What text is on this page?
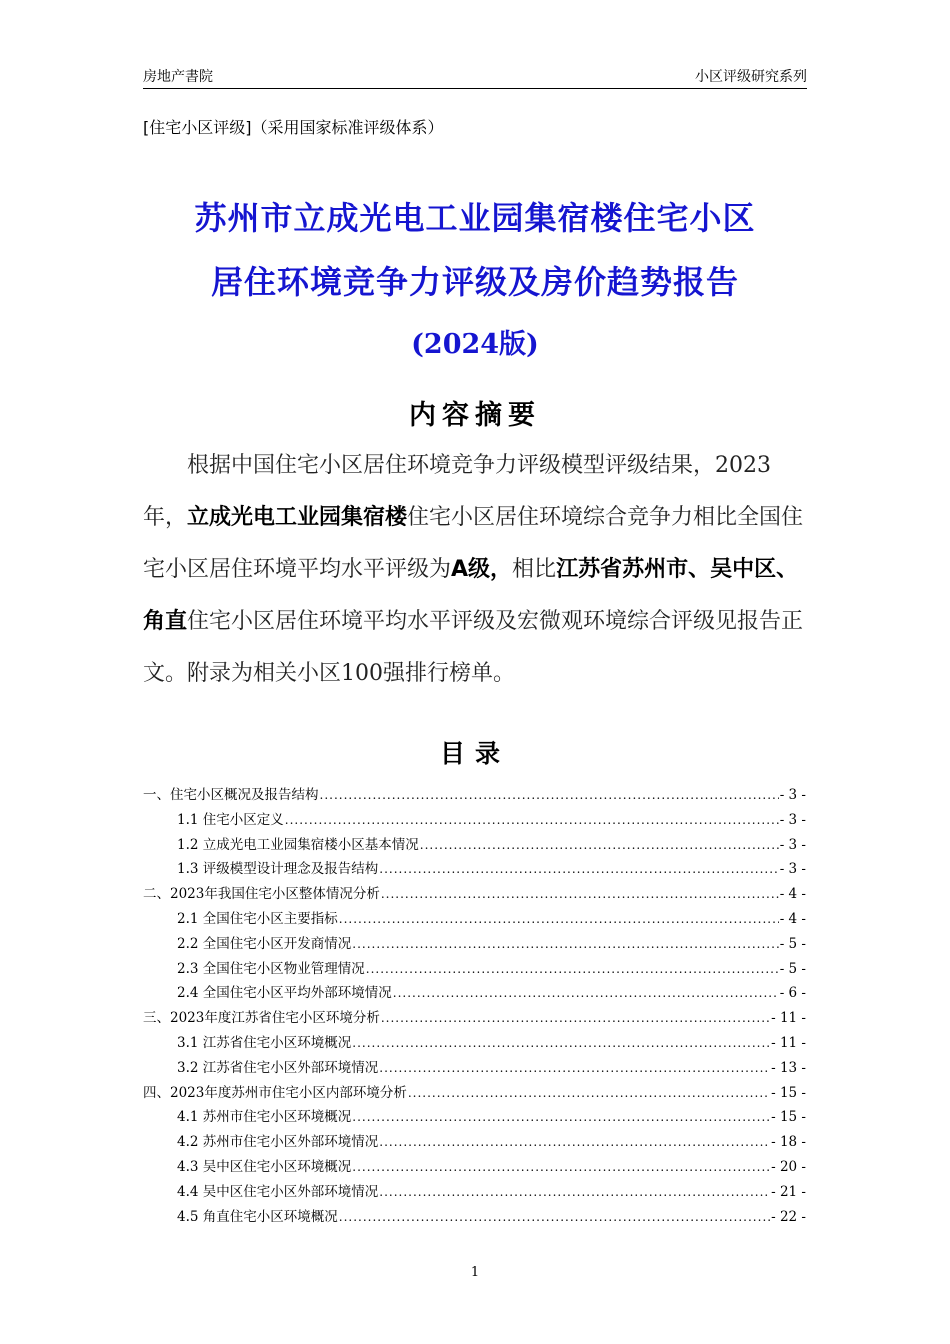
房地产書院	小区评级研究系列
[住宅小区评级]（采用国家标准评级体系）
苏州市立成光电工业园集宿楼住宅小区
居住环境竞争力评级及房价趋势报告
(2024版)
内容摘要
根据中国住宅小区居住环境竞争力评级模型评级结果，2023年，立成光电工业园集宿楼住宅小区居住环境综合竞争力相比全国住宅小区居住环境平均水平评级为A级，相比江苏省苏州市、吴中区、角直住宅小区居住环境平均水平评级及宏微观环境综合评级见报告正文。附录为相关小区100强排行榜单。
目录
一、住宅小区概况及报告结构 .....	- 3 -
1.1 住宅小区定义 .....	- 3 -
1.2 立成光电工业园集宿楼小区基本情况 .....	- 3 -
1.3 评级模型设计理念及报告结构 .....	- 3 -
二、2023年我国住宅小区整体情况分析 .....	- 4 -
2.1 全国住宅小区主要指标 .....	- 4 -
2.2 全国住宅小区开发商情况 .....	- 5 -
2.3 全国住宅小区物业管理情况 .....	- 5 -
2.4 全国住宅小区平均外部环境情况 .....	- 6 -
三、2023年度江苏省住宅小区环境分析 .....	- 11 -
3.1 江苏省住宅小区环境概况 .....	- 11 -
3.2 江苏省住宅小区外部环境情况 .....	- 13 -
四、2023年度苏州市住宅小区内部环境分析 .....	- 15 -
4.1 苏州市住宅小区环境概况 .....	- 15 -
4.2 苏州市住宅小区外部环境情况 .....	- 18 -
4.3 吴中区住宅小区环境概况 .....	- 20 -
4.4 吴中区住宅小区外部环境情况 .....	- 21 -
4.5 角直住宅小区环境概况 .....	- 22 -
1
